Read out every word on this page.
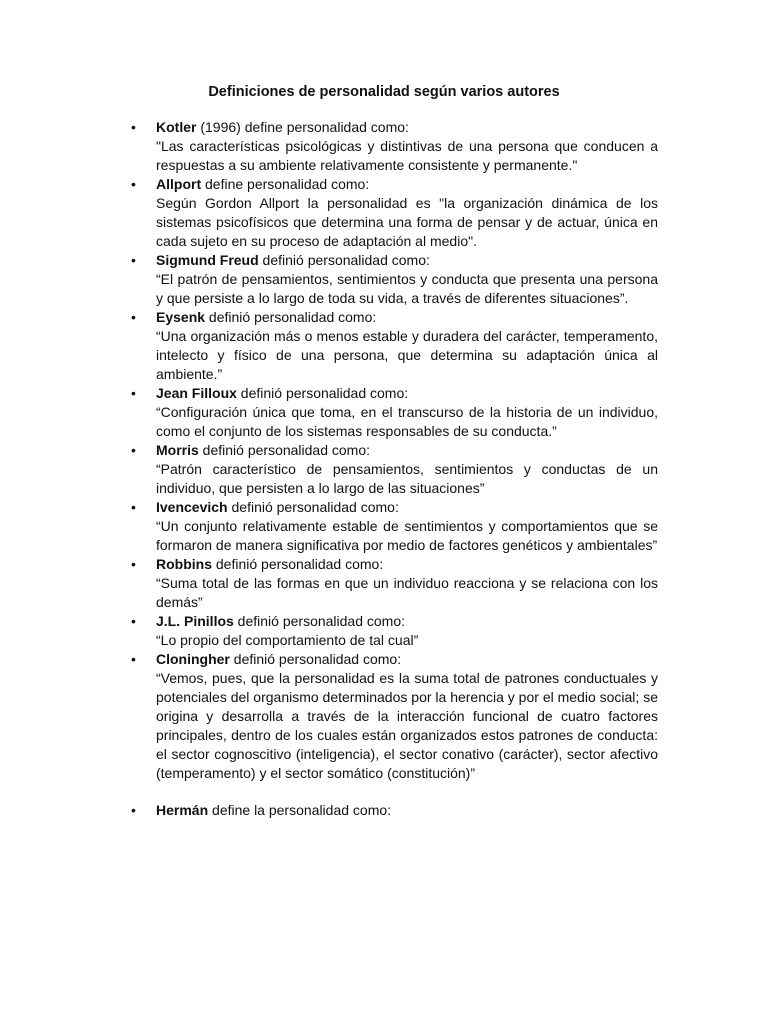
Definiciones de personalidad según varios autores
• Kotler (1996) define personalidad como:
"Las características psicológicas y distintivas de una persona que conducen a respuestas a su ambiente relativamente consistente y permanente."
• Allport define personalidad como:
Según Gordon Allport la personalidad es "la organización dinámica de los sistemas psicofísicos que determina una forma de pensar y de actuar, única en cada sujeto en su proceso de adaptación al medio".
• Sigmund Freud definió personalidad como:
“El patrón de pensamientos, sentimientos y conducta que presenta una persona y que persiste a lo largo de toda su vida, a través de diferentes situaciones”.
• Eysenk definió personalidad como:
“Una organización más o menos estable y duradera del carácter, temperamento, intelecto y físico de una persona, que determina su adaptación única al ambiente.”
• Jean Filloux definió personalidad como:
“Configuración única que toma, en el transcurso de la historia de un individuo, como el conjunto de los sistemas responsables de su conducta.”
• Morris definió personalidad como:
“Patrón característico de pensamientos, sentimientos y conductas de un individuo, que persisten a lo largo de las situaciones”
• Ivencevich definió personalidad como:
“Un conjunto relativamente estable de sentimientos y comportamientos que se formaron de manera significativa por medio de factores genéticos y ambientales”
• Robbins definió personalidad como:
“Suma total de las formas en que un individuo reacciona y se relaciona con los demás”
• J.L. Pinillos definió personalidad como:
“Lo propio del comportamiento de tal cual”
• Cloningher definió personalidad como:
“Vemos, pues, que la personalidad es la suma total de patrones conductuales y potenciales del organismo determinados por la herencia y por el medio social; se origina y desarrolla a través de la interacción funcional de cuatro factores principales, dentro de los cuales están organizados estos patrones de conducta: el sector cognoscitivo (inteligencia), el sector conativo (carácter), sector afectivo (temperamento) y el sector somático (constitución)”
• Hermán define la personalidad como:
